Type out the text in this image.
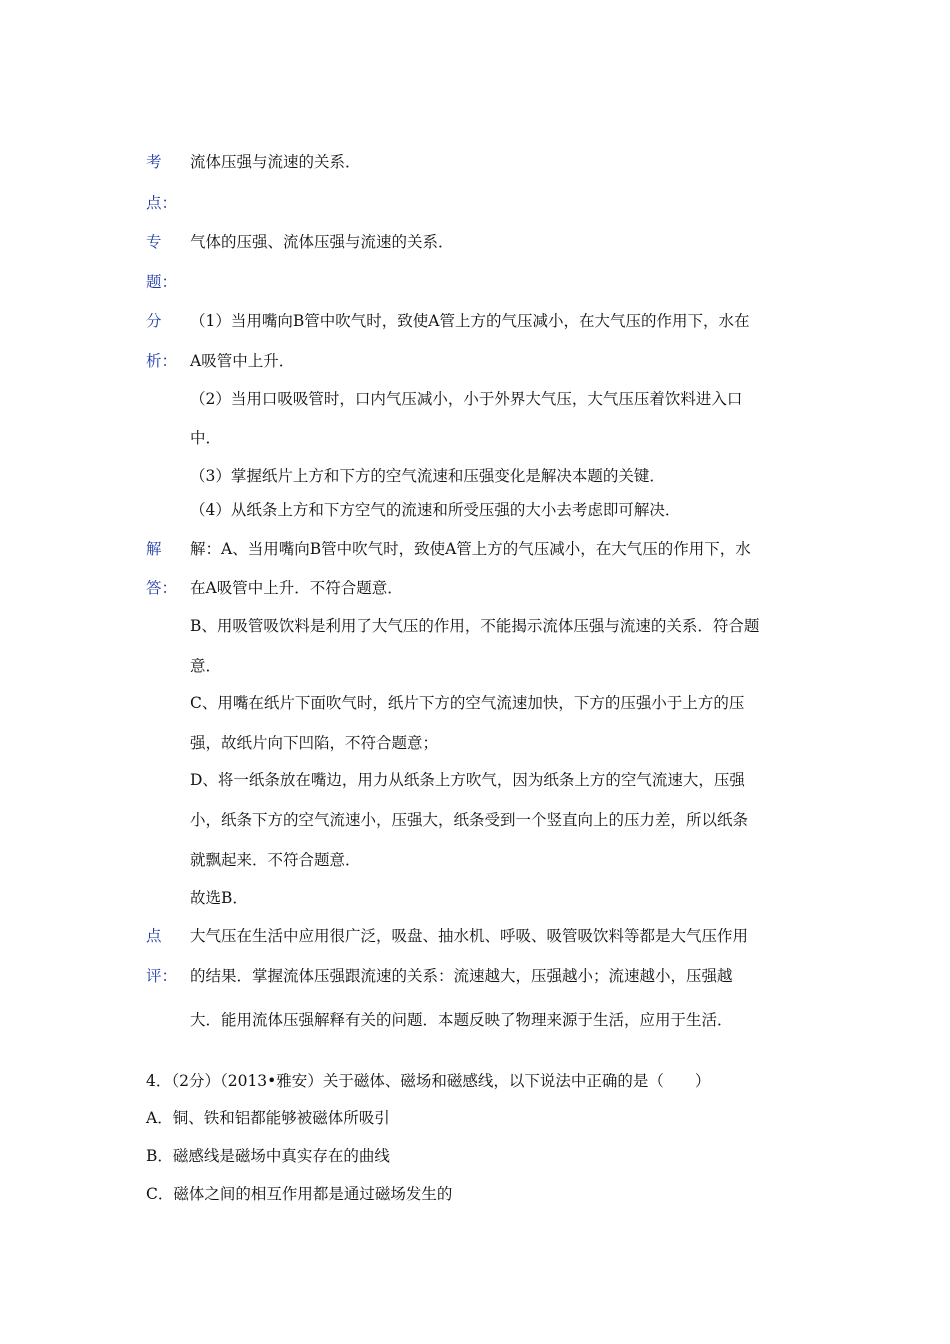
考 流体压强与流速的关系．
点：
专 气体的压强、流体压强与流速的关系．
题：
分 （1）当用嘴向B管中吹气时，致使A管上方的气压减小，在大气压的作用下，水在
析： A吸管中上升．
（2）当用口吸吸管时，口内气压减小，小于外界大气压，大气压压着饮料进入口
中．
（3）掌握纸片上方和下方的空气流速和压强变化是解决本题的关键．
（4）从纸条上方和下方空气的流速和所受压强的大小去考虑即可解决．
解 解：A、当用嘴向B管中吹气时，致使A管上方的气压减小，在大气压的作用下，水
答： 在A吸管中上升．不符合题意．
B、用吸管吸饮料是利用了大气压的作用，不能揭示流体压强与流速的关系．符合题
意．
C、用嘴在纸片下面吹气时，纸片下方的空气流速加快，下方的压强小于上方的压
强，故纸片向下凹陷，不符合题意；
D、将一纸条放在嘴边，用力从纸条上方吹气，因为纸条上方的空气流速大，压强
小，纸条下方的空气流速小，压强大，纸条受到一个竖直向上的压力差，所以纸条
就飘起来．不符合题意．
故选B．
点 大气压在生活中应用很广泛，吸盘、抽水机、呼吸、吸管吸饮料等都是大气压作用
评： 的结果．掌握流体压强跟流速的关系：流速越大，压强越小；流速越小，压强越
大．能用流体压强解释有关的问题．本题反映了物理来源于生活，应用于生活．
4．（2分）（2013•雅安）关于磁体、磁场和磁感线，以下说法中正确的是（　　）
A．铜、铁和铝都能够被磁体所吸引
B．磁感线是磁场中真实存在的曲线
C．磁体之间的相互作用都是通过磁场发生的
